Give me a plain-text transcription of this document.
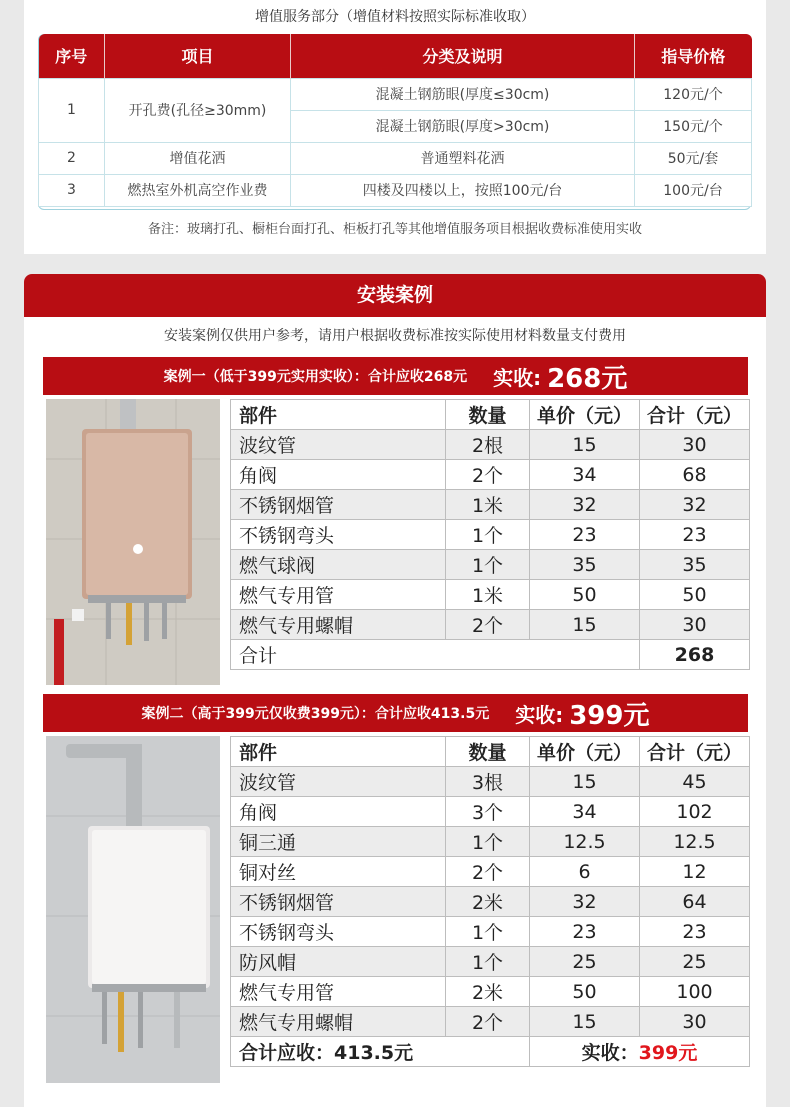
增值服务部分（增值材料按照实际标准收取）
序号	项目	分类及说明	指导价格
1	开孔费(孔径≥30mm)	混凝土钢筋眼(厚度≤30cm)	120元/个
		混凝土钢筋眼(厚度>30cm)	150元/个
2	增值花洒	普通塑料花洒	50元/套
3	燃热室外机高空作业费	四楼及四楼以上，按照100元/台	100元/台
备注：玻璃打孔、橱柜台面打孔、柜板打孔等其他增值服务项目根据收费标准使用实收
安装案例
安装案例仅供用户参考，请用户根据收费标准按实际使用材料数量支付费用
案例一（低于399元实用实收）：合计应收268元 实收: 268元
部件	数量	单价（元）	合计（元）
波纹管	2根	15	30
角阀	2个	34	68
不锈钢烟管	1米	32	32
不锈钢弯头	1个	23	23
燃气球阀	1个	35	35
燃气专用管	1米	50	50
燃气专用螺帽	2个	15	30
合计			268
案例二（高于399元仅收费399元）：合计应收413.5元 实收: 399元
部件	数量	单价（元）	合计（元）
波纹管	3根	15	45
角阀	3个	34	102
铜三通	1个	12.5	12.5
铜对丝	2个	6	12
不锈钢烟管	2米	32	64
不锈钢弯头	1个	23	23
防风帽	1个	25	25
燃气专用管	2米	50	100
燃气专用螺帽	2个	15	30
合计应收：413.5元		实收：399元	
